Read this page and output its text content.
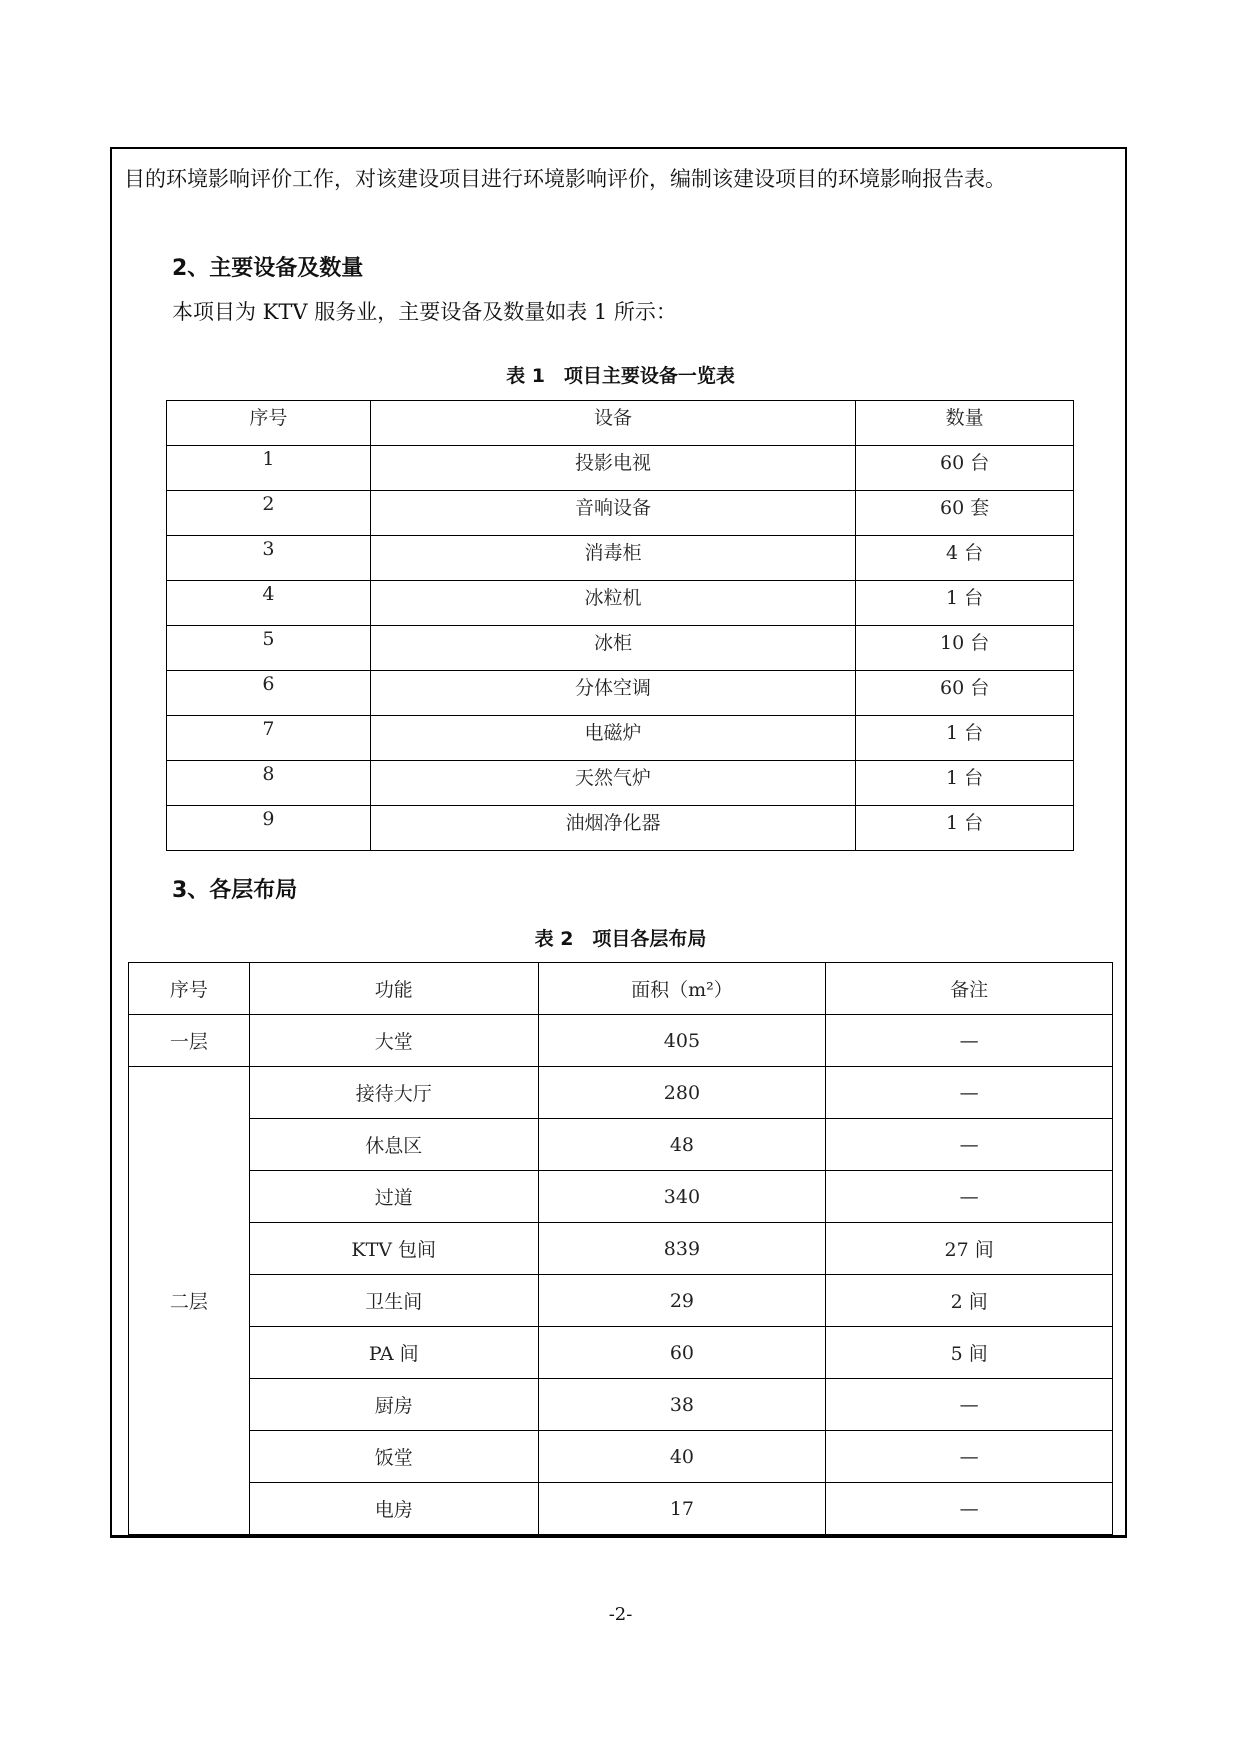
目的环境影响评价工作，对该建设项目进行环境影响评价，编制该建设项目的环境影响报告表。

2、主要设备及数量

本项目为 KTV 服务业，主要设备及数量如表 1 所示：

表 1　项目主要设备一览表

序号	设备	数量
1	投影电视	60 台
2	音响设备	60 套
3	消毒柜	4 台
4	冰粒机	1 台
5	冰柜	10 台
6	分体空调	60 台
7	电磁炉	1 台
8	天然气炉	1 台
9	油烟净化器	1 台

3、各层布局

表 2　项目各层布局

序号	功能	面积（m²）	备注
一层	大堂	405	—
二层	接待大厅	280	—
	休息区	48	—
	过道	340	—
	KTV 包间	839	27 间
	卫生间	29	2 间
	PA 间	60	5 间
	厨房	38	—
	饭堂	40	—
	电房	17	—

-2-
